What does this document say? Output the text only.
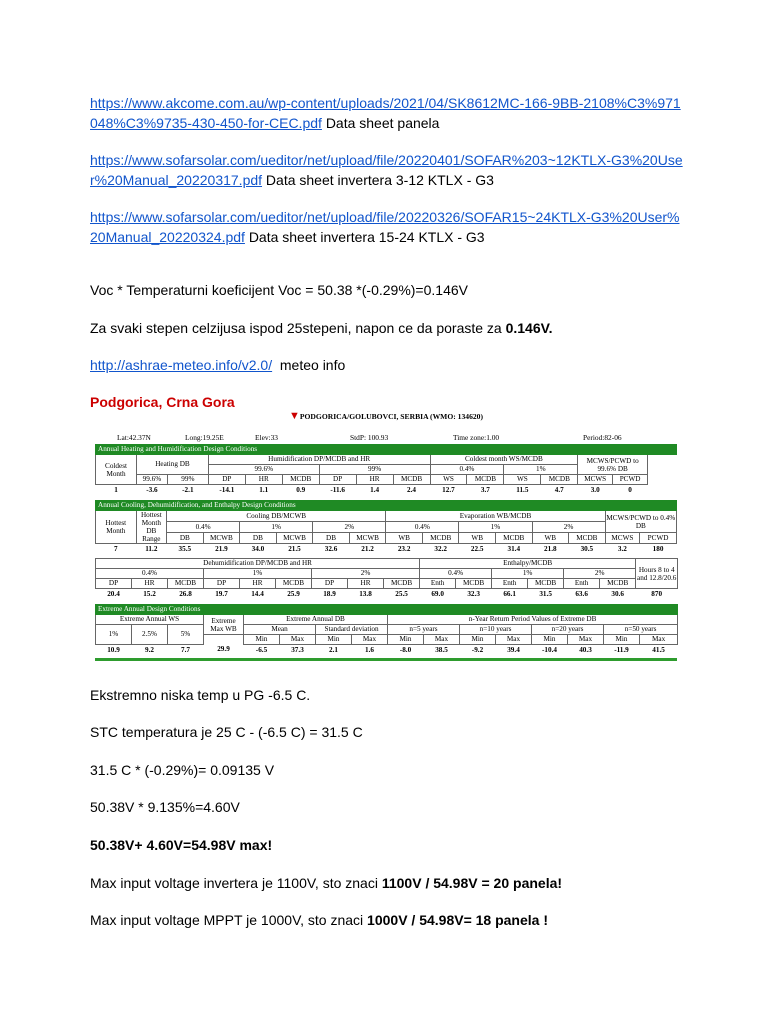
https://www.akcome.com.au/wp-content/uploads/2021/04/SK8612MC-166-9BB-2108%C3%971
048%C3%9735-430-450-for-CEC.pdf Data sheet panela
https://www.sofarsolar.com/ueditor/net/upload/file/20220401/SOFAR%203~12KTLX-G3%20Use
r%20Manual_20220317.pdf Data sheet invertera 3-12 KTLX - G3
https://www.sofarsolar.com/ueditor/net/upload/file/20220326/SOFAR15~24KTLX-G3%20User%
20Manual_20220324.pdf Data sheet invertera 15-24 KTLX - G3
Voc * Temperaturni koeficijent Voc = 50.38 *(-0.29%)=0.146V
Za svaki stepen celzijusa ispod 25stepeni, napon ce da poraste za 0.146V.
http://ashrae-meteo.info/v2.0/ meteo info
Podgorica, Crna Gora
▼PODGORICA/GOLUBOVCI, SERBIA (WMO: 134620)
Lat:42.37N	Long:19.25E	Elev:33	StdP: 100.93	Time zone:1.00	Period:82-06
Annual Heating and Humidification Design Conditions															
Coldest Month	Heating DB		Humidification DP/MCDB and HR						Coldest month WS/MCDB				MCWS/PCWD to 99.6% DB		
			99.6%			99%			0.4%		1%				
	99.6%	99%	DP	HR	MCDB	DP	HR	MCDB	WS	MCDB	WS	MCDB	MCWS	PCWD	
1	-3.6	-2.1	-14.1	1.1	0.9	-11.6	1.4	2.4	12.7	3.7	11.5	4.7	3.0	0	
Annual Cooling, Dehumidification, and Enthalpy Design Conditions															
Hottest Month	Hottest Month DB Range	Cooling DB/MCWB						Evaporation WB/MCDB						MCWS/PCWD to 0.4% DB	
		0.4%		1%		2%		0.4%		1%		2%			
		DB	MCWB	DB	MCWB	DB	MCWB	WB	MCDB	WB	MCDB	WB	MCDB	MCWS	PCWD
7	11.2	35.5	21.9	34.0	21.5	32.6	21.2	23.2	32.2	22.5	31.4	21.8	30.5	3.2	180
Dehumidification DP/MCDB and HR									Enthalpy/MCDB						Hours 8 to 4 and 12.8/20.6
0.4%			1%			2%			0.4%		1%		2%		
DP	HR	MCDB	DP	HR	MCDB	DP	HR	MCDB	Enth	MCDB	Enth	MCDB	Enth	MCDB	
20.4	15.2	26.8	19.7	14.4	25.9	18.9	13.8	25.5	69.0	32.3	66.1	31.5	63.6	30.6	870
Extreme Annual Design Conditions															
Extreme Annual WS			Extreme Max WB	Extreme Annual DB				n-Year Return Period Values of Extreme DB							
1%	2.5%	5%		Mean		Standard deviation		n=5 years		n=10 years		n=20 years		n=50 years	
				Min	Max	Min	Max	Min	Max	Min	Max	Min	Max	Min	Max
10.9	9.2	7.7	29.9	-6.5	37.3	2.1	1.6	-8.0	38.5	-9.2	39.4	-10.4	40.3	-11.9	41.5
Ekstremno niska temp u PG -6.5 C.
STC temperatura je 25 C - (-6.5 C) = 31.5 C
31.5 C * (-0.29%)= 0.09135 V
50.38V * 9.135%=4.60V
50.38V+ 4.60V=54.98V max!
Max input voltage invertera je 1100V, sto znaci 1100V / 54.98V = 20 panela!
Max input voltage MPPT je 1000V, sto znaci 1000V / 54.98V= 18 panela !
